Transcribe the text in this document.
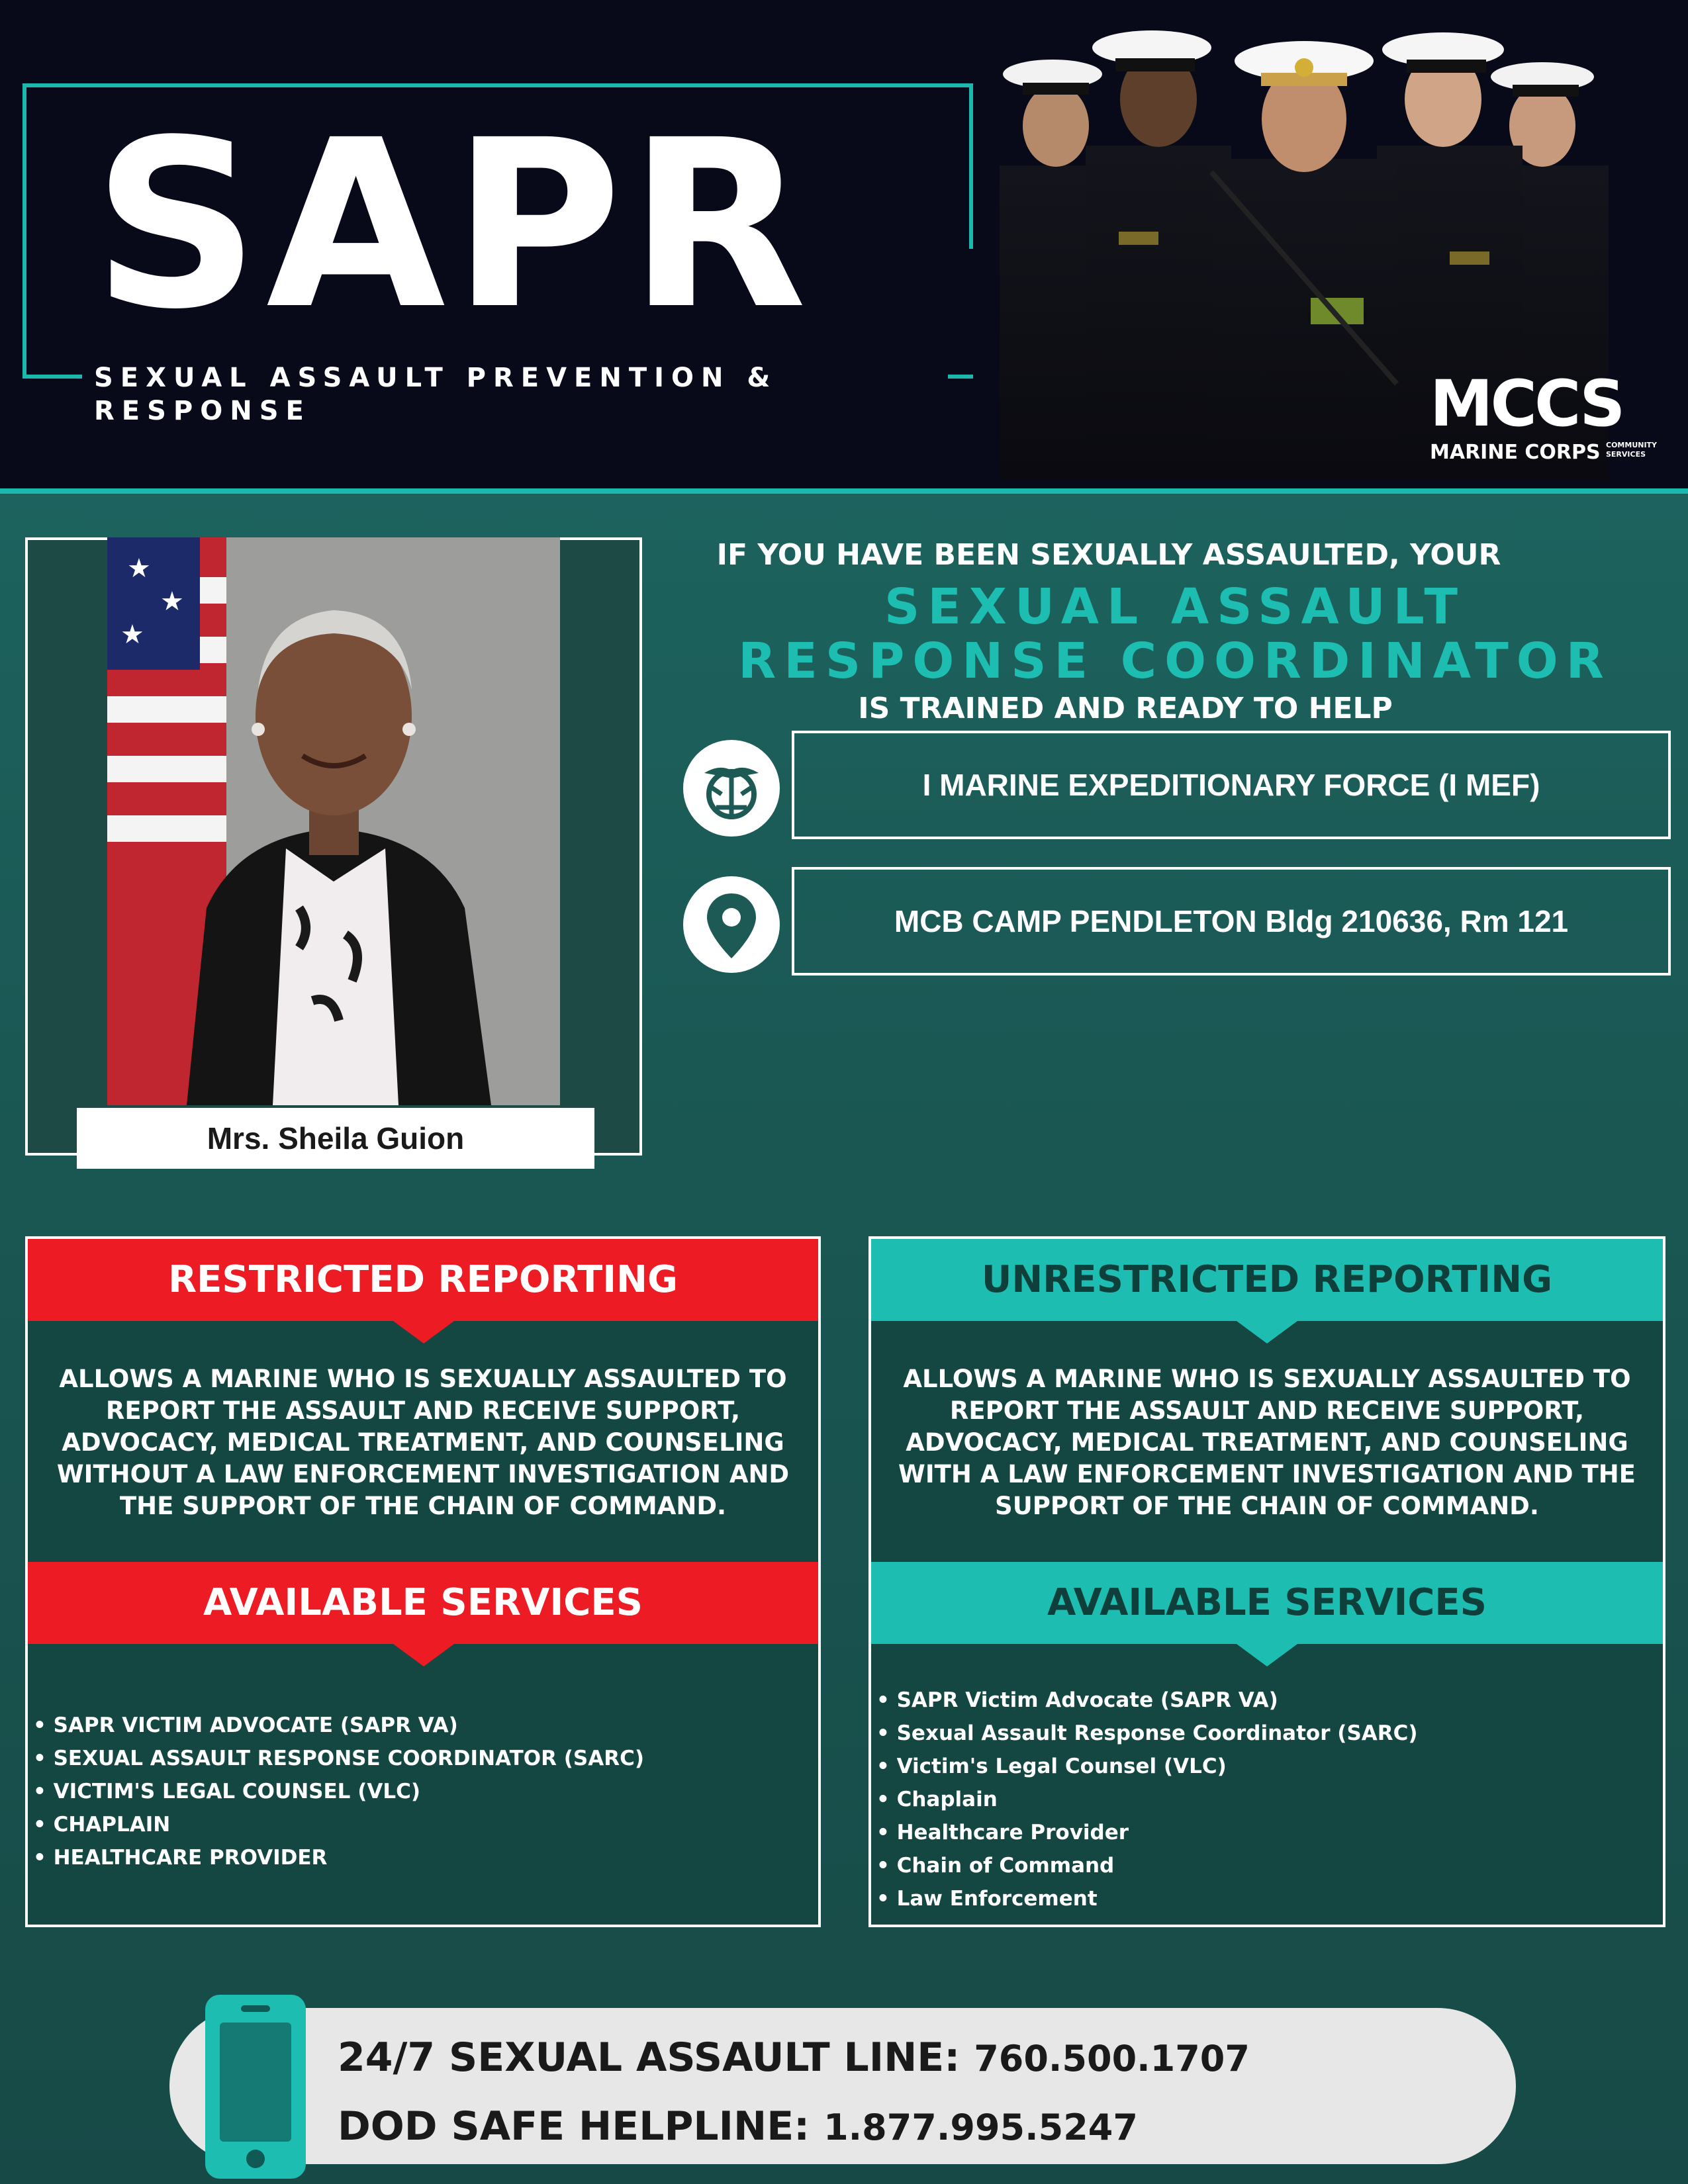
SAPR
SEXUAL ASSAULT PREVENTION & RESPONSE	MCCS
MARINE CORPS COMMUNITY SERVICES
★
★
★
Mrs. Sheila Guion
IF YOU HAVE BEEN SEXUALLY ASSAULTED, YOUR
SEXUAL ASSAULT
RESPONSE COORDINATOR
IS TRAINED AND READY TO HELP
I MARINE EXPEDITIONARY FORCE (I MEF)
MCB CAMP PENDLETON Bldg 210636, Rm 121
RESTRICTED REPORTING
ALLOWS A MARINE WHO IS SEXUALLY ASSAULTED TO REPORT THE ASSAULT AND RECEIVE SUPPORT, ADVOCACY, MEDICAL TREATMENT, AND COUNSELING WITHOUT A LAW ENFORCEMENT INVESTIGATION AND THE SUPPORT OF THE CHAIN OF COMMAND.
AVAILABLE SERVICES
• SAPR VICTIM ADVOCATE (SAPR VA)
• SEXUAL ASSAULT RESPONSE COORDINATOR (SARC)
• VICTIM'S LEGAL COUNSEL (VLC)
• CHAPLAIN
• HEALTHCARE PROVIDER
UNRESTRICTED REPORTING
ALLOWS A MARINE WHO IS SEXUALLY ASSAULTED TO REPORT THE ASSAULT AND RECEIVE SUPPORT, ADVOCACY, MEDICAL TREATMENT, AND COUNSELING WITH A LAW ENFORCEMENT INVESTIGATION AND THE SUPPORT OF THE CHAIN OF COMMAND.
AVAILABLE SERVICES
• SAPR Victim Advocate (SAPR VA)
• Sexual Assault Response Coordinator (SARC)
• Victim's Legal Counsel (VLC)
• Chaplain
• Healthcare Provider
• Chain of Command
• Law Enforcement
24/7 SEXUAL ASSAULT LINE: 760.500.1707
DOD SAFE HELPLINE: 1.877.995.5247
